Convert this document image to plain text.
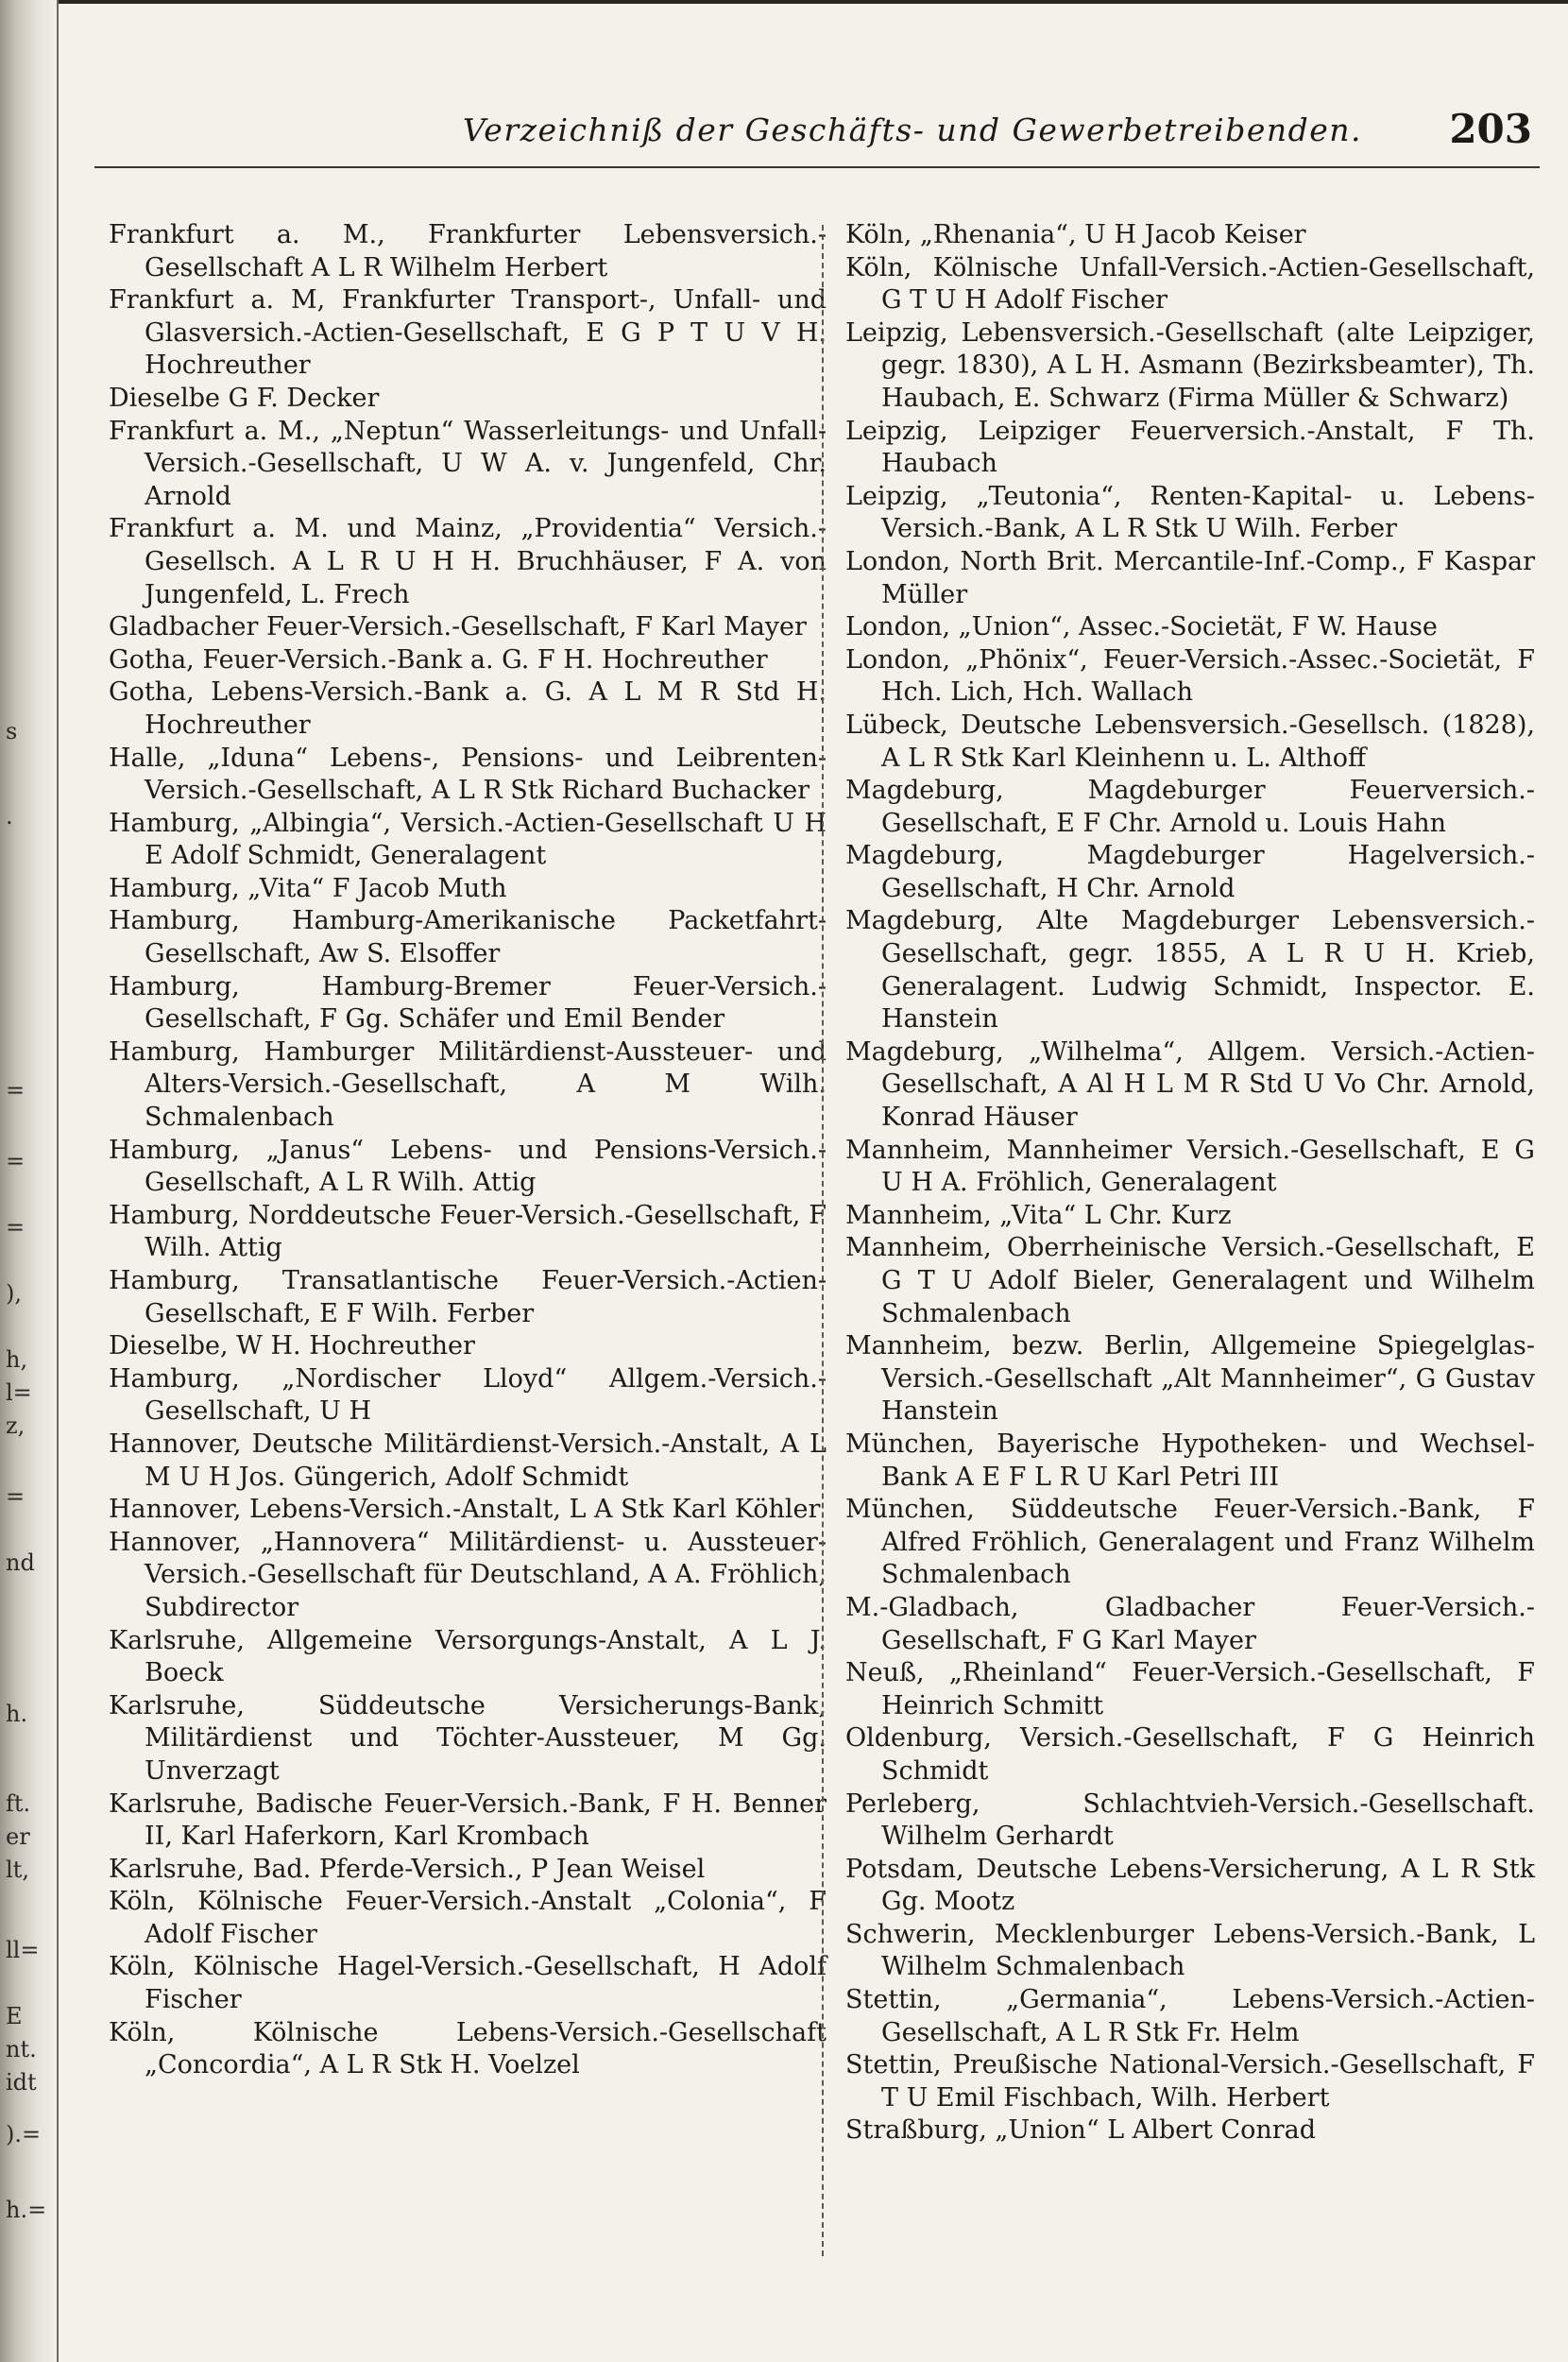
s
.
=
=
=
),
h,
l=
z,
=
nd
h.
ft.
er
lt,
ll=
E
nt.
idt
).=
h.=
Verzeichniß der Geschäfts- und Gewerbetreibenden. 203

Frankfurt a. M., Frankfurter Lebensversich.-Gesellschaft A L R Wilhelm Herbert

Frankfurt a. M, Frankfurter Transport-, Unfall- und Glasversich.-Actien-Gesellschaft, E G P T U V H. Hochreuther

Dieselbe G F. Decker

Frankfurt a. M., „Neptun“ Wasserleitungs- und Unfall-Versich.-Gesellschaft, U W A. v. Jungenfeld, Chr. Arnold

Frankfurt a. M. und Mainz, „Providentia“ Versich.-Gesellsch. A L R U H H. Bruchhäuser, F A. von Jungenfeld, L. Frech

Gladbacher Feuer-Versich.-Gesellschaft, F Karl Mayer

Gotha, Feuer-Versich.-Bank a. G. F H. Hochreuther

Gotha, Lebens-Versich.-Bank a. G. A L M R Std H. Hochreuther

Halle, „Iduna“ Lebens-, Pensions- und Leibrenten-Versich.-Gesellschaft, A L R Stk Richard Buchacker

Hamburg, „Albingia“, Versich.-Actien-Gesellschaft U H E Adolf Schmidt, Generalagent

Hamburg, „Vita“ F Jacob Muth

Hamburg, Hamburg-Amerikanische Packetfahrt-Gesellschaft, Aw S. Elsoffer

Hamburg, Hamburg-Bremer Feuer-Versich.-Gesellschaft, F Gg. Schäfer und Emil Bender

Hamburg, Hamburger Militärdienst-Aussteuer- und Alters-Versich.-Gesellschaft, A M Wilh. Schmalenbach

Hamburg, „Janus“ Lebens- und Pensions-Versich.-Gesellschaft, A L R Wilh. Attig

Hamburg, Norddeutsche Feuer-Versich.-Gesellschaft, F Wilh. Attig

Hamburg, Transatlantische Feuer-Versich.-Actien-Gesellschaft, E F Wilh. Ferber

Dieselbe, W H. Hochreuther

Hamburg, „Nordischer Lloyd“ Allgem.-Versich.-Gesellschaft, U H

Hannover, Deutsche Militärdienst-Versich.-Anstalt, A L M U H Jos. Güngerich, Adolf Schmidt

Hannover, Lebens-Versich.-Anstalt, L A Stk Karl Köhler

Hannover, „Hannovera“ Militärdienst- u. Aussteuer-Versich.-Gesellschaft für Deutschland, A A. Fröhlich, Subdirector

Karlsruhe, Allgemeine Versorgungs-Anstalt, A L J. Boeck

Karlsruhe, Süddeutsche Versicherungs-Bank, Militärdienst und Töchter-Aussteuer, M Gg. Unverzagt

Karlsruhe, Badische Feuer-Versich.-Bank, F H. Benner II, Karl Haferkorn, Karl Krombach

Karlsruhe, Bad. Pferde-Versich., P Jean Weisel

Köln, Kölnische Feuer-Versich.-Anstalt „Colonia“, F Adolf Fischer

Köln, Kölnische Hagel-Versich.-Gesellschaft, H Adolf Fischer

Köln, Kölnische Lebens-Versich.-Gesellschaft „Concordia“, A L R Stk H. Voelzel

Köln, „Rhenania“, U H Jacob Keiser

Köln, Kölnische Unfall-Versich.-Actien-Gesellschaft, G T U H Adolf Fischer

Leipzig, Lebensversich.-Gesellschaft (alte Leipziger, gegr. 1830), A L H. Asmann (Bezirksbeamter), Th. Haubach, E. Schwarz (Firma Müller & Schwarz)

Leipzig, Leipziger Feuerversich.-Anstalt, F Th. Haubach

Leipzig, „Teutonia“, Renten-Kapital- u. Lebens-Versich.-Bank, A L R Stk U Wilh. Ferber

London, North Brit. Mercantile-Inf.-Comp., F Kaspar Müller

London, „Union“, Assec.-Societät, F W. Hause

London, „Phönix“, Feuer-Versich.-Assec.-Societät, F Hch. Lich, Hch. Wallach

Lübeck, Deutsche Lebensversich.-Gesellsch. (1828), A L R Stk Karl Kleinhenn u. L. Althoff

Magdeburg, Magdeburger Feuerversich.-Gesellschaft, E F Chr. Arnold u. Louis Hahn

Magdeburg, Magdeburger Hagelversich.-Gesellschaft, H Chr. Arnold

Magdeburg, Alte Magdeburger Lebensversich.-Gesellschaft, gegr. 1855, A L R U H. Krieb, Generalagent. Ludwig Schmidt, Inspector. E. Hanstein

Magdeburg, „Wilhelma“, Allgem. Versich.-Actien-Gesellschaft, A Al H L M R Std U Vo Chr. Arnold, Konrad Häuser

Mannheim, Mannheimer Versich.-Gesellschaft, E G U H A. Fröhlich, Generalagent

Mannheim, „Vita“ L Chr. Kurz

Mannheim, Oberrheinische Versich.-Gesellschaft, E G T U Adolf Bieler, Generalagent und Wilhelm Schmalenbach

Mannheim, bezw. Berlin, Allgemeine Spiegelglas-Versich.-Gesellschaft „Alt Mannheimer“, G Gustav Hanstein

München, Bayerische Hypotheken- und Wechsel-Bank A E F L R U Karl Petri III

München, Süddeutsche Feuer-Versich.-Bank, F Alfred Fröhlich, Generalagent und Franz Wilhelm Schmalenbach

M.-Gladbach, Gladbacher Feuer-Versich.-Gesellschaft, F G Karl Mayer

Neuß, „Rheinland“ Feuer-Versich.-Gesellschaft, F Heinrich Schmitt

Oldenburg, Versich.-Gesellschaft, F G Heinrich Schmidt

Perleberg, Schlachtvieh-Versich.-Gesellschaft. Wilhelm Gerhardt

Potsdam, Deutsche Lebens-Versicherung, A L R Stk Gg. Mootz

Schwerin, Mecklenburger Lebens-Versich.-Bank, L Wilhelm Schmalenbach

Stettin, „Germania“, Lebens-Versich.-Actien-Gesellschaft, A L R Stk Fr. Helm

Stettin, Preußische National-Versich.-Gesellschaft, F T U Emil Fischbach, Wilh. Herbert

Straßburg, „Union“ L Albert Conrad
